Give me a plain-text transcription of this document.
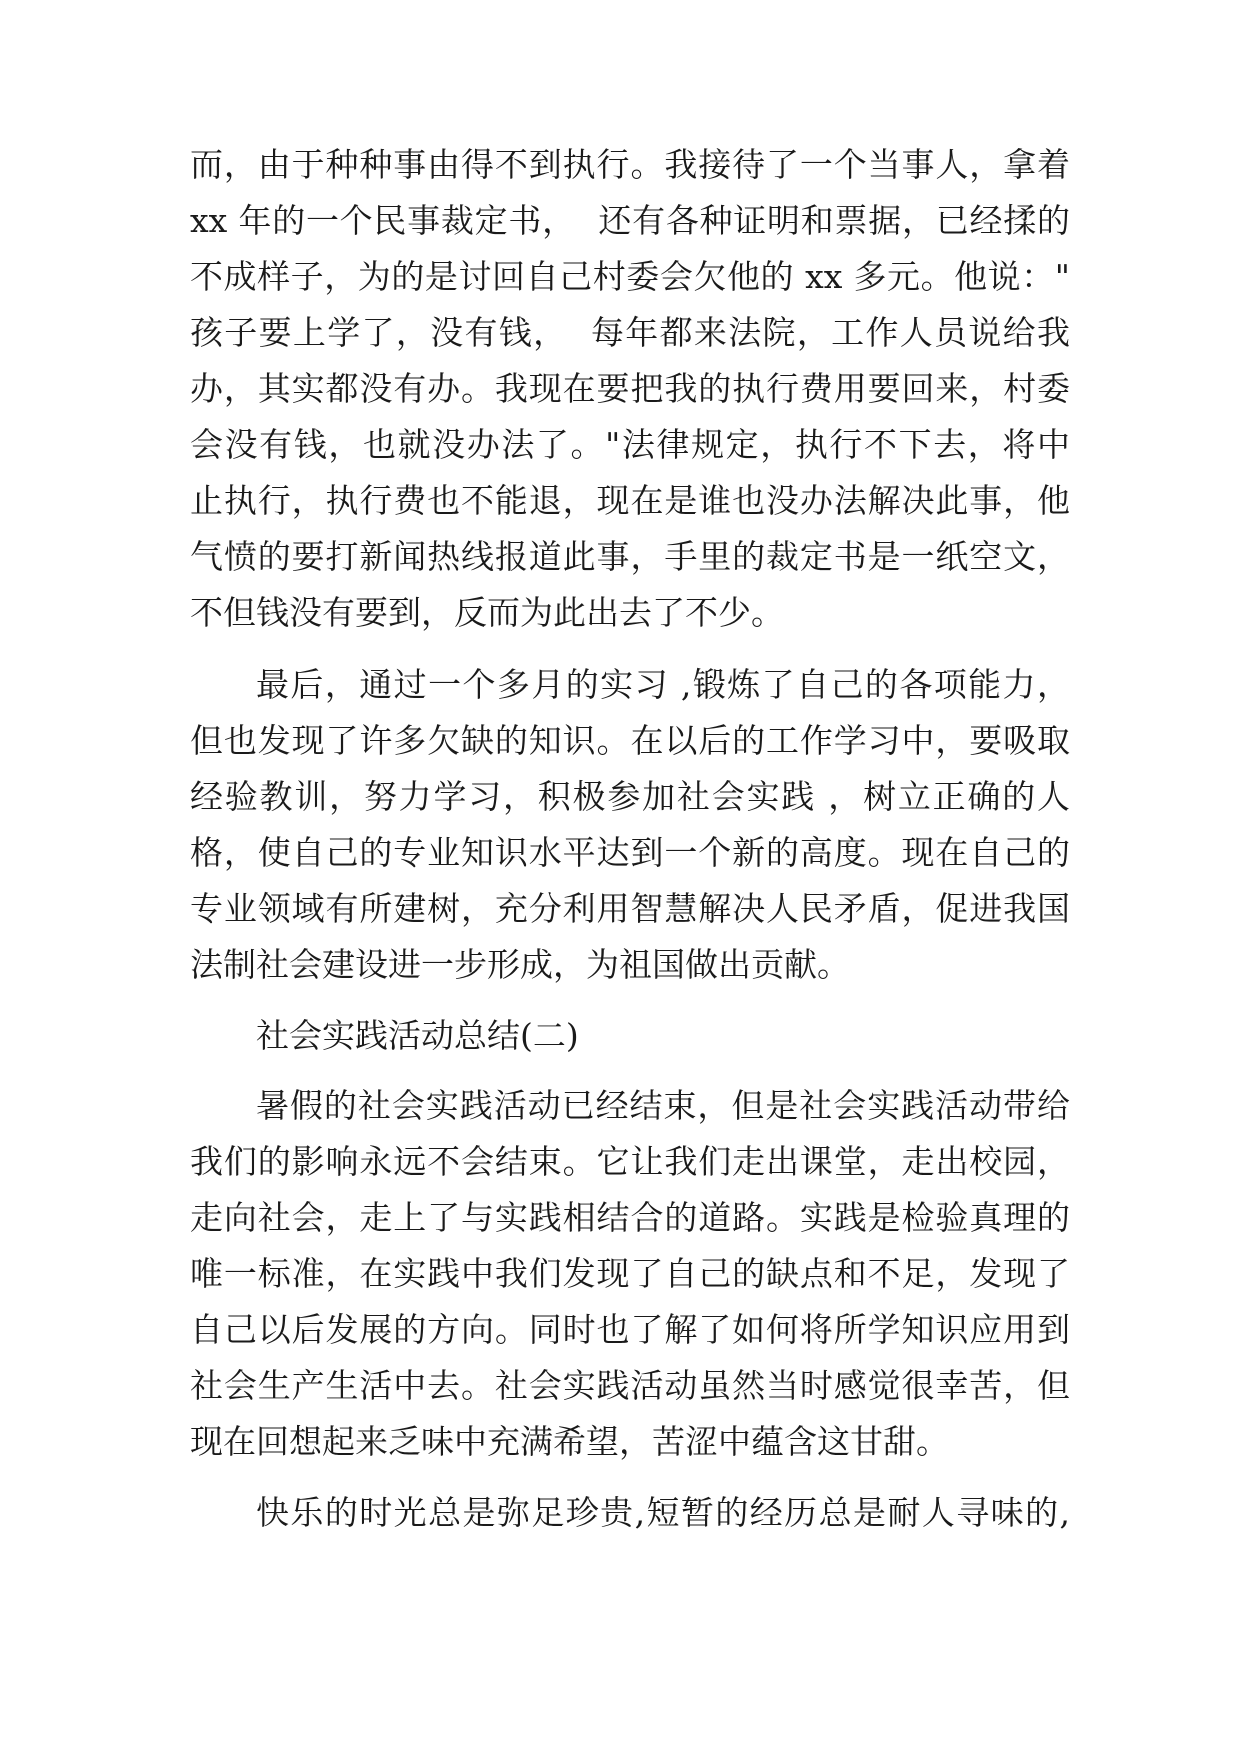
而，由于种种事由得不到执行。我接待了一个当事人，拿着
xx 年的一个民事裁定书，  还有各种证明和票据，已经揉的
不成样子，为的是讨回自己村委会欠他的 xx 多元。他说："
孩子要上学了，没有钱，  每年都来法院，工作人员说给我
办，其实都没有办。我现在要把我的执行费用要回来，村委
会没有钱，也就没办法了。"法律规定，执行不下去，将中
止执行，执行费也不能退，现在是谁也没办法解决此事，他
气愤的要打新闻热线报道此事，手里的裁定书是一纸空文，
不但钱没有要到，反而为此出去了不少。
最后，通过一个多月的实习 ,锻炼了自己的各项能力，
但也发现了许多欠缺的知识。在以后的工作学习中，要吸取
经验教训，努力学习，积极参加社会实践 ，树立正确的人
格，使自己的专业知识水平达到一个新的高度。现在自己的
专业领域有所建树，充分利用智慧解决人民矛盾，促进我国
法制社会建设进一步形成，为祖国做出贡献。
社会实践活动总结(二)
暑假的社会实践活动已经结束，但是社会实践活动带给
我们的影响永远不会结束。它让我们走出课堂，走出校园，
走向社会，走上了与实践相结合的道路。实践是检验真理的
唯一标准，在实践中我们发现了自己的缺点和不足，发现了
自己以后发展的方向。同时也了解了如何将所学知识应用到
社会生产生活中去。社会实践活动虽然当时感觉很幸苦，但
现在回想起来乏味中充满希望，苦涩中蕴含这甘甜。
快乐的时光总是弥足珍贵,短暂的经历总是耐人寻味的,
